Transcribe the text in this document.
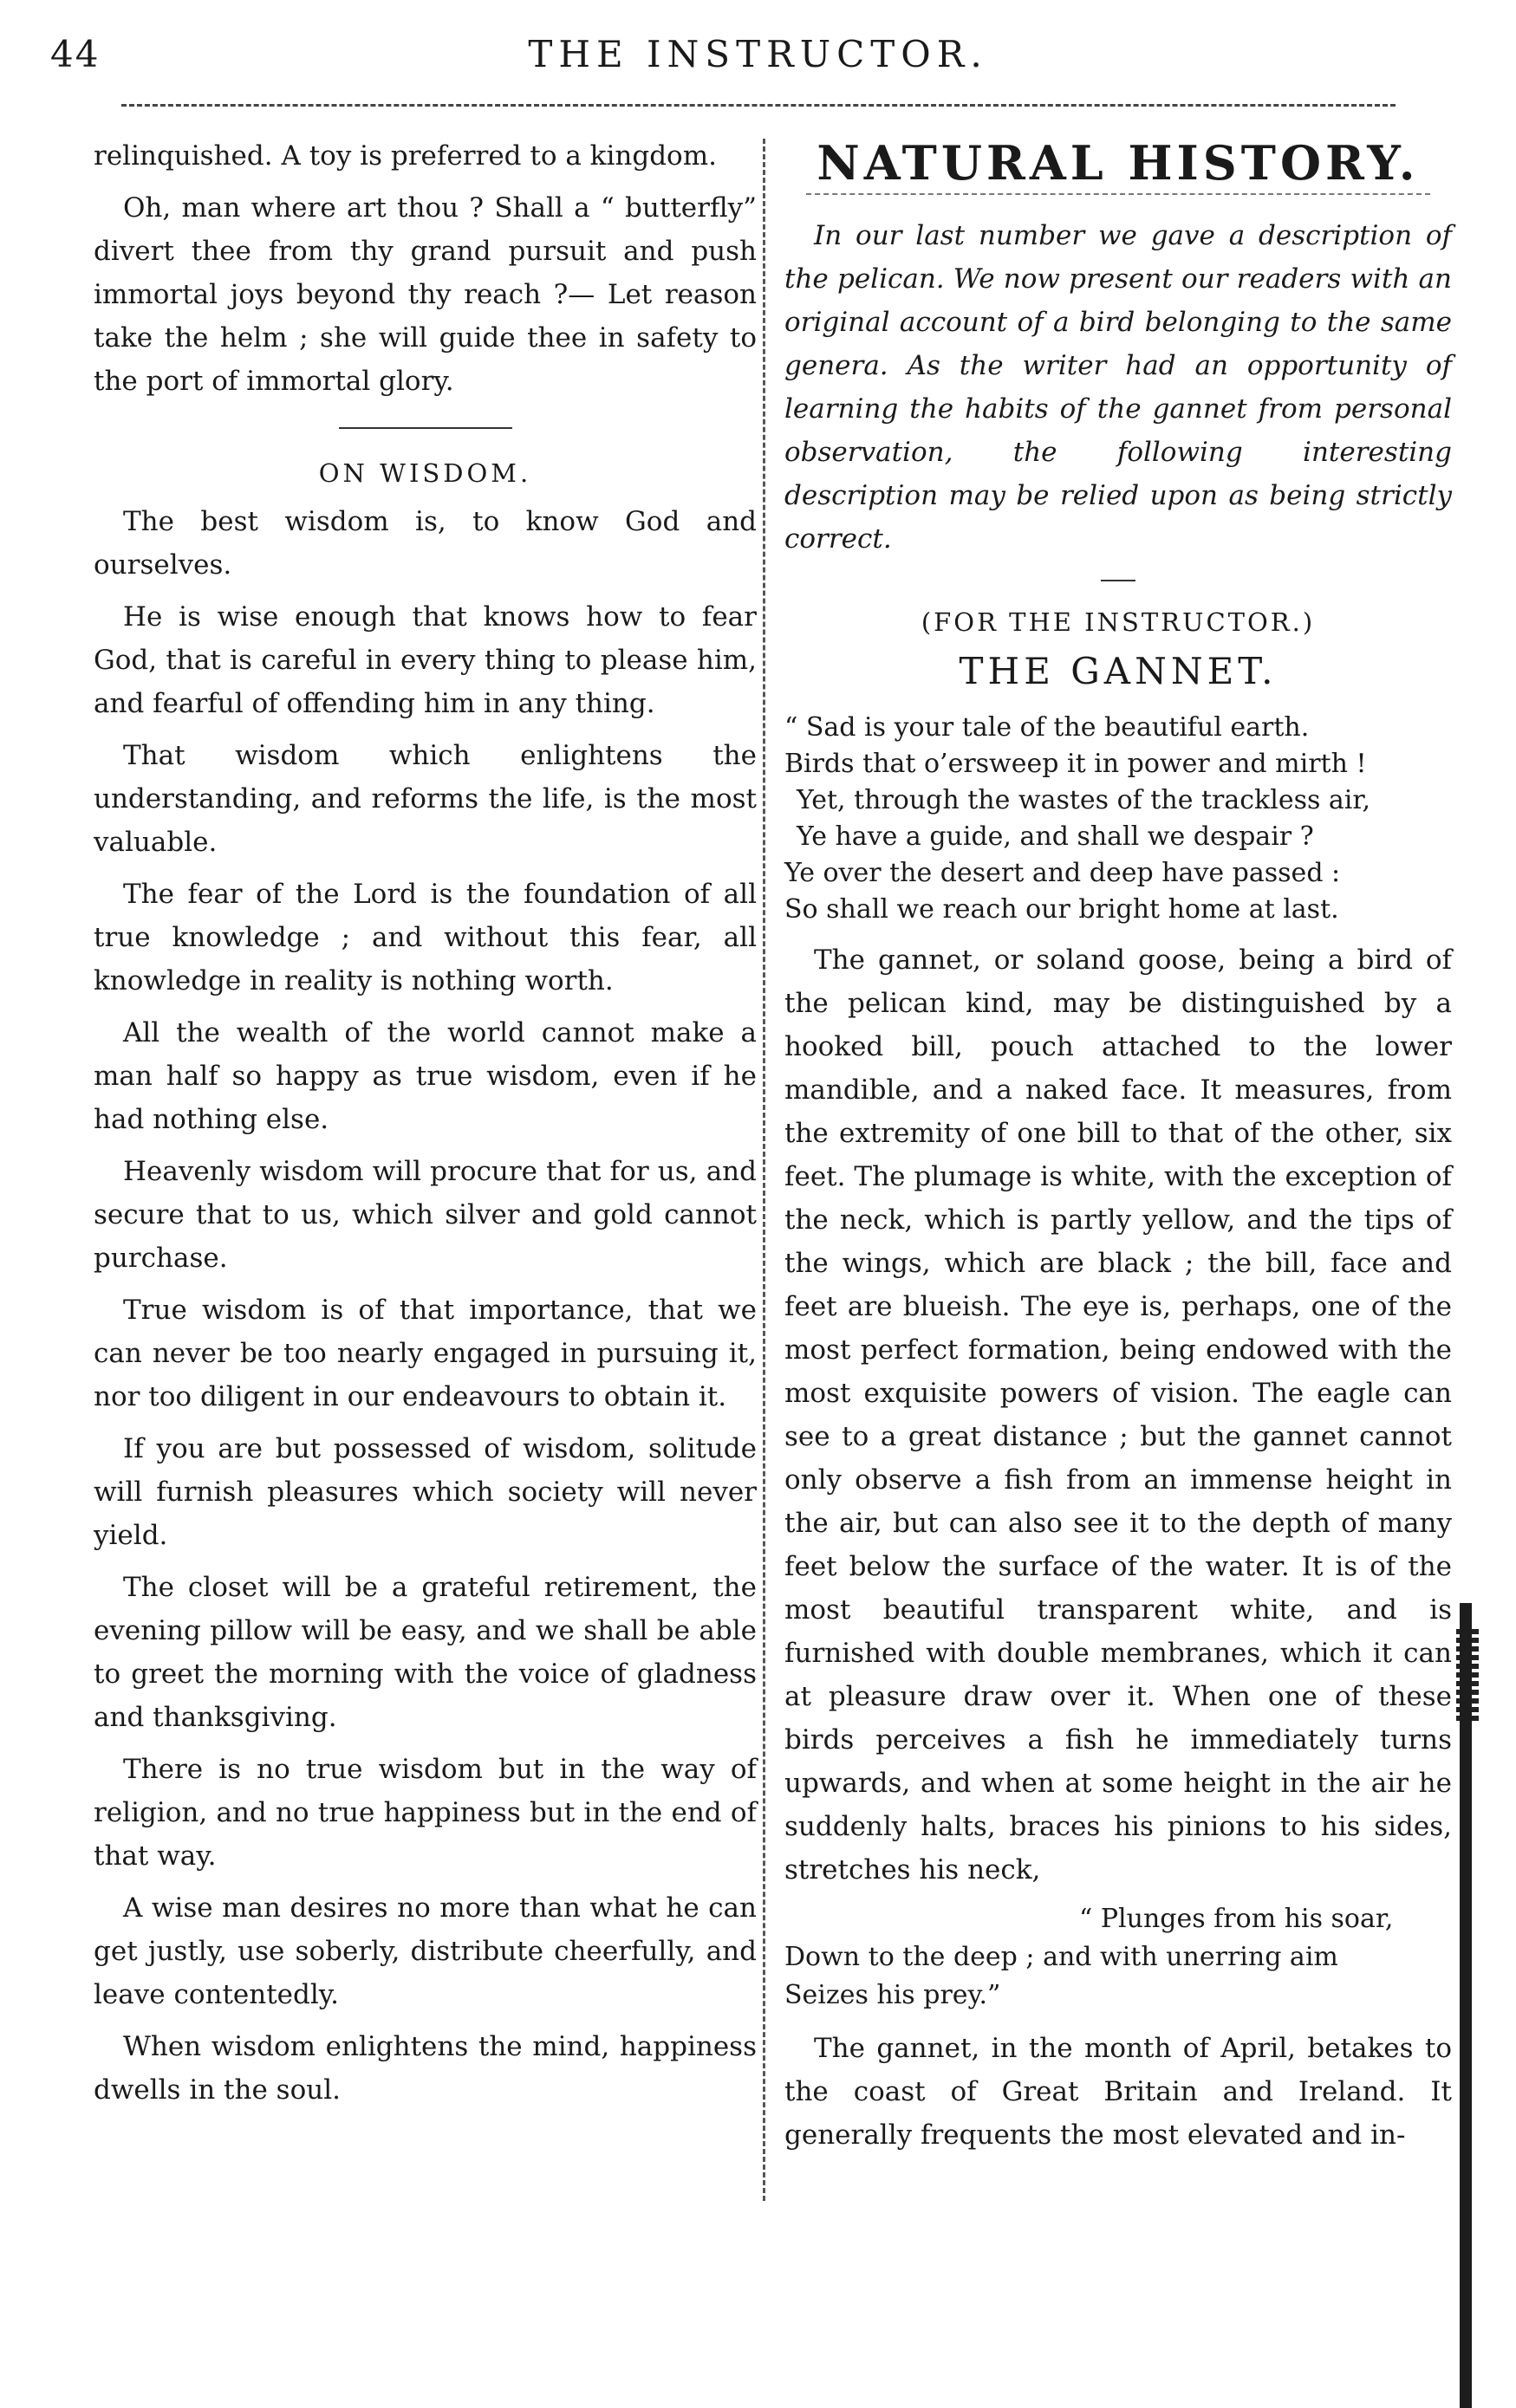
44	THE INSTRUCTOR.

relinquished. A toy is preferred to a kingdom.

Oh, man where art thou ? Shall a “ butterfly” divert thee from thy grand pursuit and push immortal joys beyond thy reach ?— Let reason take the helm ; she will guide thee in safety to the port of immortal glory.

ON WISDOM.

The best wisdom is, to know God and ourselves.

He is wise enough that knows how to fear God, that is careful in every thing to please him, and fearful of offending him in any thing.

That wisdom which enlightens the understanding, and reforms the life, is the most valuable.

The fear of the Lord is the foundation of all true knowledge ; and without this fear, all knowledge in reality is nothing worth.

All the wealth of the world cannot make a man half so happy as true wisdom, even if he had nothing else.

Heavenly wisdom will procure that for us, and secure that to us, which silver and gold cannot purchase.

True wisdom is of that importance, that we can never be too nearly engaged in pursuing it, nor too diligent in our endeavours to obtain it.

If you are but possessed of wisdom, solitude will furnish pleasures which society will never yield.

The closet will be a grateful retirement, the evening pillow will be easy, and we shall be able to greet the morning with the voice of gladness and thanksgiving.

There is no true wisdom but in the way of religion, and no true happiness but in the end of that way.

A wise man desires no more than what he can get justly, use soberly, distribute cheerfully, and leave contentedly.

When wisdom enlightens the mind, happiness dwells in the soul.

NATURAL HISTORY.

In our last number we gave a description of the pelican. We now present our readers with an original account of a bird belonging to the same genera. As the writer had an opportunity of learning the habits of the gannet from personal observation, the following interesting description may be relied upon as being strictly correct.

(FOR THE INSTRUCTOR.)
THE GANNET.
“ Sad is your tale of the beautiful earth.
Birds that o’ersweep it in power and mirth !
Yet, through the wastes of the trackless air,
Ye have a guide, and shall we despair ?
Ye over the desert and deep have passed :
So shall we reach our bright home at last.

The gannet, or soland goose, being a bird of the pelican kind, may be distinguished by a hooked bill, pouch attached to the lower mandible, and a naked face. It measures, from the extremity of one bill to that of the other, six feet. The plumage is white, with the exception of the neck, which is partly yellow, and the tips of the wings, which are black ; the bill, face and feet are blueish. The eye is, perhaps, one of the most perfect formation, being endowed with the most exquisite powers of vision. The eagle can see to a great distance ; but the gannet cannot only observe a fish from an immense height in the air, but can also see it to the depth of many feet below the surface of the water. It is of the most beautiful transparent white, and is furnished with double membranes, which it can at pleasure draw over it. When one of these birds perceives a fish he immediately turns upwards, and when at some height in the air he suddenly halts, braces his pinions to his sides, stretches his neck,

“ Plunges from his soar,
Down to the deep ; and with unerring aim
Seizes his prey.”

The gannet, in the month of April, betakes to the coast of Great Britain and Ireland. It generally frequents the most elevated and in-
